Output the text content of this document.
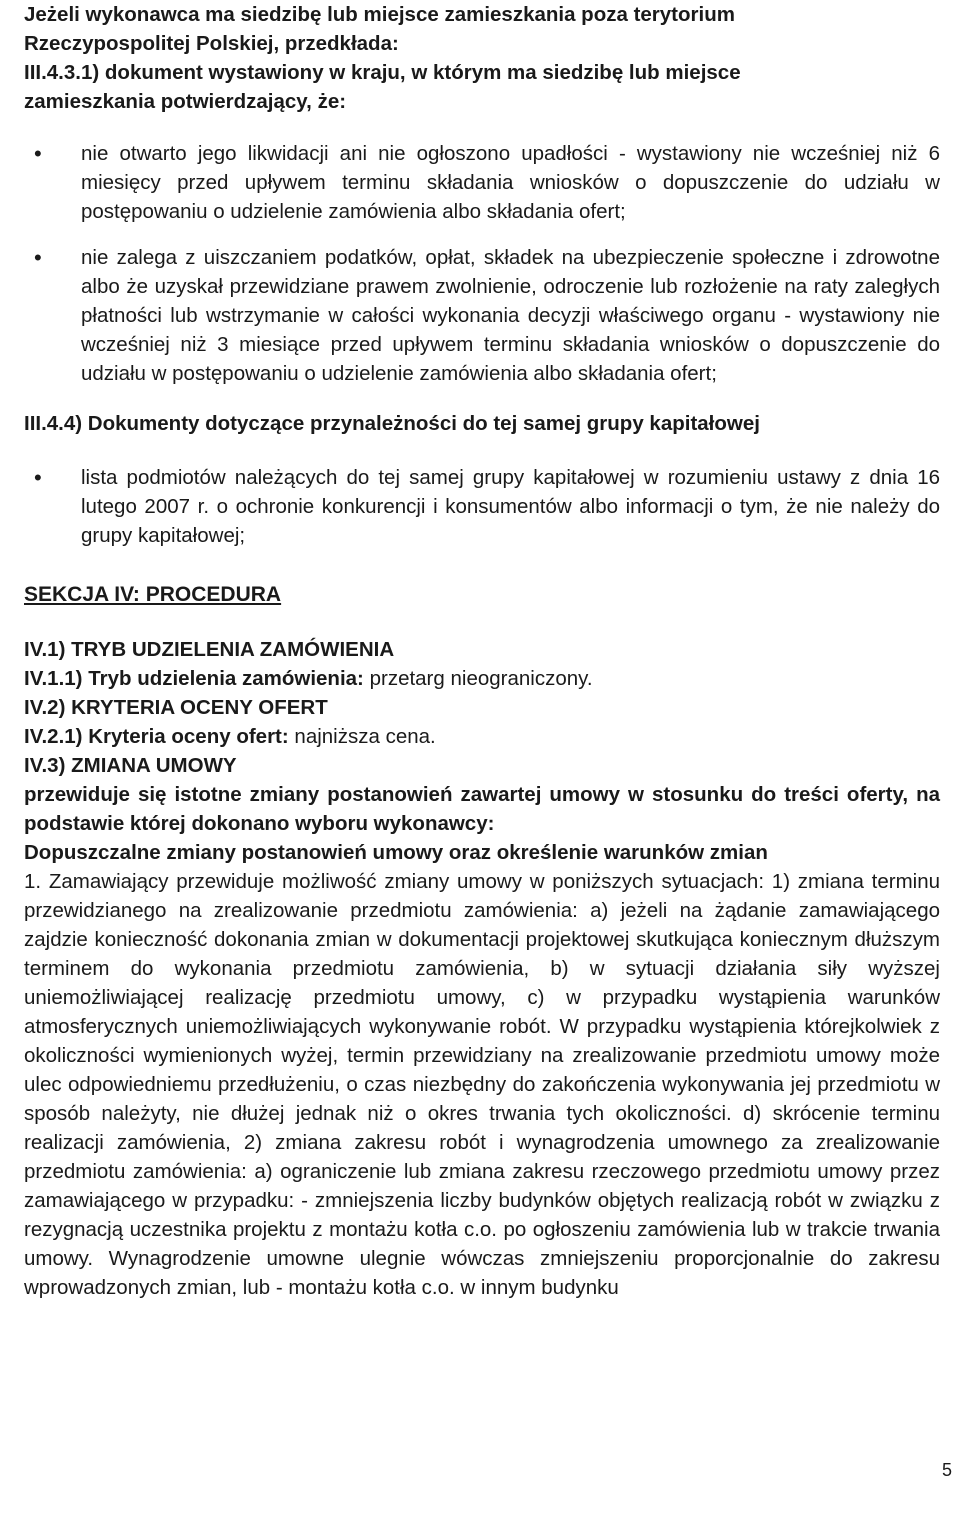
Jeżeli wykonawca ma siedzibę lub miejsce zamieszkania poza terytorium

Rzeczypospolitej Polskiej, przedkłada:

III.4.3.1) dokument wystawiony w kraju, w którym ma siedzibę lub miejsce

zamieszkania potwierdzający, że:

• nie otwarto jego likwidacji ani nie ogłoszono upadłości - wystawiony nie wcześniej niż 6 miesięcy przed upływem terminu składania wniosków o dopuszczenie do udziału w postępowaniu o udzielenie zamówienia albo składania ofert;
• nie zalega z uiszczaniem podatków, opłat, składek na ubezpieczenie społeczne i zdrowotne albo że uzyskał przewidziane prawem zwolnienie, odroczenie lub rozłożenie na raty zaległych płatności lub wstrzymanie w całości wykonania decyzji właściwego organu - wystawiony nie wcześniej niż 3 miesiące przed upływem terminu składania wniosków o dopuszczenie do udziału w postępowaniu o udzielenie zamówienia albo składania ofert;

III.4.4) Dokumenty dotyczące przynależności do tej samej grupy kapitałowej

• lista podmiotów należących do tej samej grupy kapitałowej w rozumieniu ustawy z dnia 16 lutego 2007 r. o ochronie konkurencji i konsumentów albo informacji o tym, że nie należy do grupy kapitałowej;

SEKCJA IV: PROCEDURA

IV.1) TRYB UDZIELENIA ZAMÓWIENIA

IV.1.1) Tryb udzielenia zamówienia: przetarg nieograniczony.

IV.2) KRYTERIA OCENY OFERT

IV.2.1) Kryteria oceny ofert: najniższa cena.

IV.3) ZMIANA UMOWY

przewiduje się istotne zmiany postanowień zawartej umowy w stosunku do treści oferty, na podstawie której dokonano wyboru wykonawcy:

Dopuszczalne zmiany postanowień umowy oraz określenie warunków zmian

1. Zamawiający przewiduje możliwość zmiany umowy w poniższych sytuacjach: 1) zmiana terminu przewidzianego na zrealizowanie przedmiotu zamówienia: a) jeżeli na żądanie zamawiającego zajdzie konieczność dokonania zmian w dokumentacji projektowej skutkująca koniecznym dłuższym terminem do wykonania przedmiotu zamówienia, b) w sytuacji działania siły wyższej uniemożliwiającej realizację przedmiotu umowy, c) w przypadku wystąpienia warunków atmosferycznych uniemożliwiających wykonywanie robót. W przypadku wystąpienia którejkolwiek z okoliczności wymienionych wyżej, termin przewidziany na zrealizowanie przedmiotu umowy może ulec odpowiedniemu przedłużeniu, o czas niezbędny do zakończenia wykonywania jej przedmiotu w sposób należyty, nie dłużej jednak niż o okres trwania tych okoliczności. d) skrócenie terminu realizacji zamówienia, 2) zmiana zakresu robót i wynagrodzenia umownego za zrealizowanie przedmiotu zamówienia: a) ograniczenie lub zmiana zakresu rzeczowego przedmiotu umowy przez zamawiającego w przypadku: - zmniejszenia liczby budynków objętych realizacją robót w związku z rezygnacją uczestnika projektu z montażu kotła c.o. po ogłoszeniu zamówienia lub w trakcie trwania umowy. Wynagrodzenie umowne ulegnie wówczas zmniejszeniu proporcjonalnie do zakresu wprowadzonych zmian, lub - montażu kotła c.o. w innym budynku

5
